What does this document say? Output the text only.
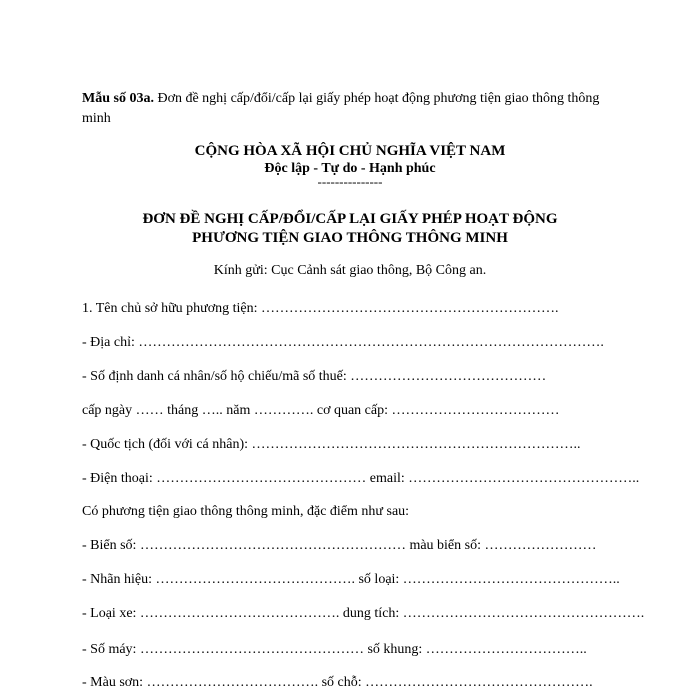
Mẫu số 03a. Đơn đề nghị cấp/đổi/cấp lại giấy phép hoạt động phương tiện giao thông thông minh
CỘNG HÒA XÃ HỘI CHỦ NGHĨA VIỆT NAM
Độc lập - Tự do - Hạnh phúc
---------------
ĐƠN ĐỀ NGHỊ CẤP/ĐỔI/CẤP LẠI GIẤY PHÉP HOẠT ĐỘNG
PHƯƠNG TIỆN GIAO THÔNG THÔNG MINH
Kính gửi: Cục Cảnh sát giao thông, Bộ Công an.
1. Tên chủ sở hữu phương tiện: ……………………………………………………….
- Địa chỉ: ……………………………………………………………………………………….
- Số định danh cá nhân/số hộ chiếu/mã số thuế: ……………………………………
cấp ngày …… tháng ….. năm …………. cơ quan cấp: ………………………………
- Quốc tịch (đối với cá nhân): ……………………………………………………………..
- Điện thoại: ……………………………………… email: …………………………………………..
Có phương tiện giao thông thông minh, đặc điểm như sau:
- Biển số: ………………………………………………… màu biển số: ……………………
- Nhãn hiệu: ……………………………………. số loại: ………………………………………..
- Loại xe: ……………………………………. dung tích: …………………………………………….
- Số máy: ………………………………………… số khung: ……………………………..
- Màu sơn: ………………………………. số chỗ: ………………………………………….
